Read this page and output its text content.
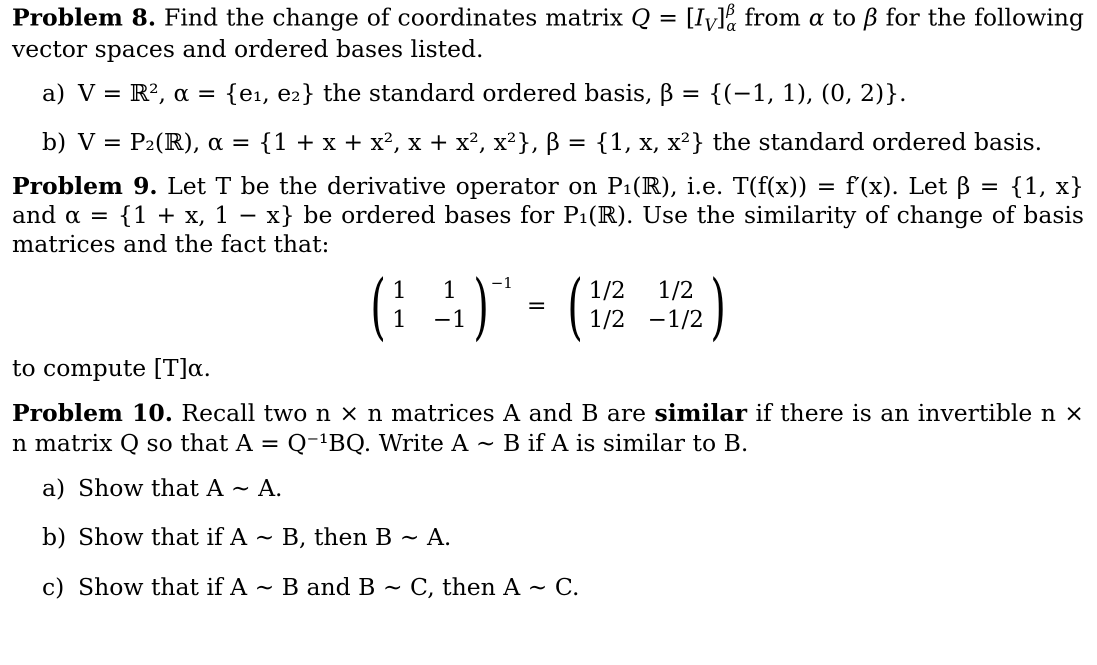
Problem 8. Find the change of coordinates matrix $Q = [I_V]$ β
α from α to β for the following vector spaces and ordered bases listed.

a) V = ℝ², α = {e₁, e₂} the standard ordered basis, β = {(−1, 1), (0, 2)}.
b) V = P₂(ℝ), α = {1 + x + x², x + x², x²}, β = {1, x, x²} the standard ordered basis.

Problem 9. Let T be the derivative operator on P₁(ℝ), i.e. T(f(x)) = f′(x). Let β = {1, x} and α = {1 + x, 1 − x} be ordered bases for P₁(ℝ). Use the similarity of change of basis matrices and the fact that:

( 1	1
1 −1 ) −1
= ( 1/2	1/2
1/2 −1/2 )

to compute [T]α.

Problem 10. Recall two n × n matrices A and B are similar if there is an invertible n × n matrix Q so that A = Q⁻¹BQ. Write A ∼ B if A is similar to B.

a) Show that A ∼ A.
b) Show that if A ∼ B, then B ∼ A.
c) Show that if A ∼ B and B ∼ C, then A ∼ C.
